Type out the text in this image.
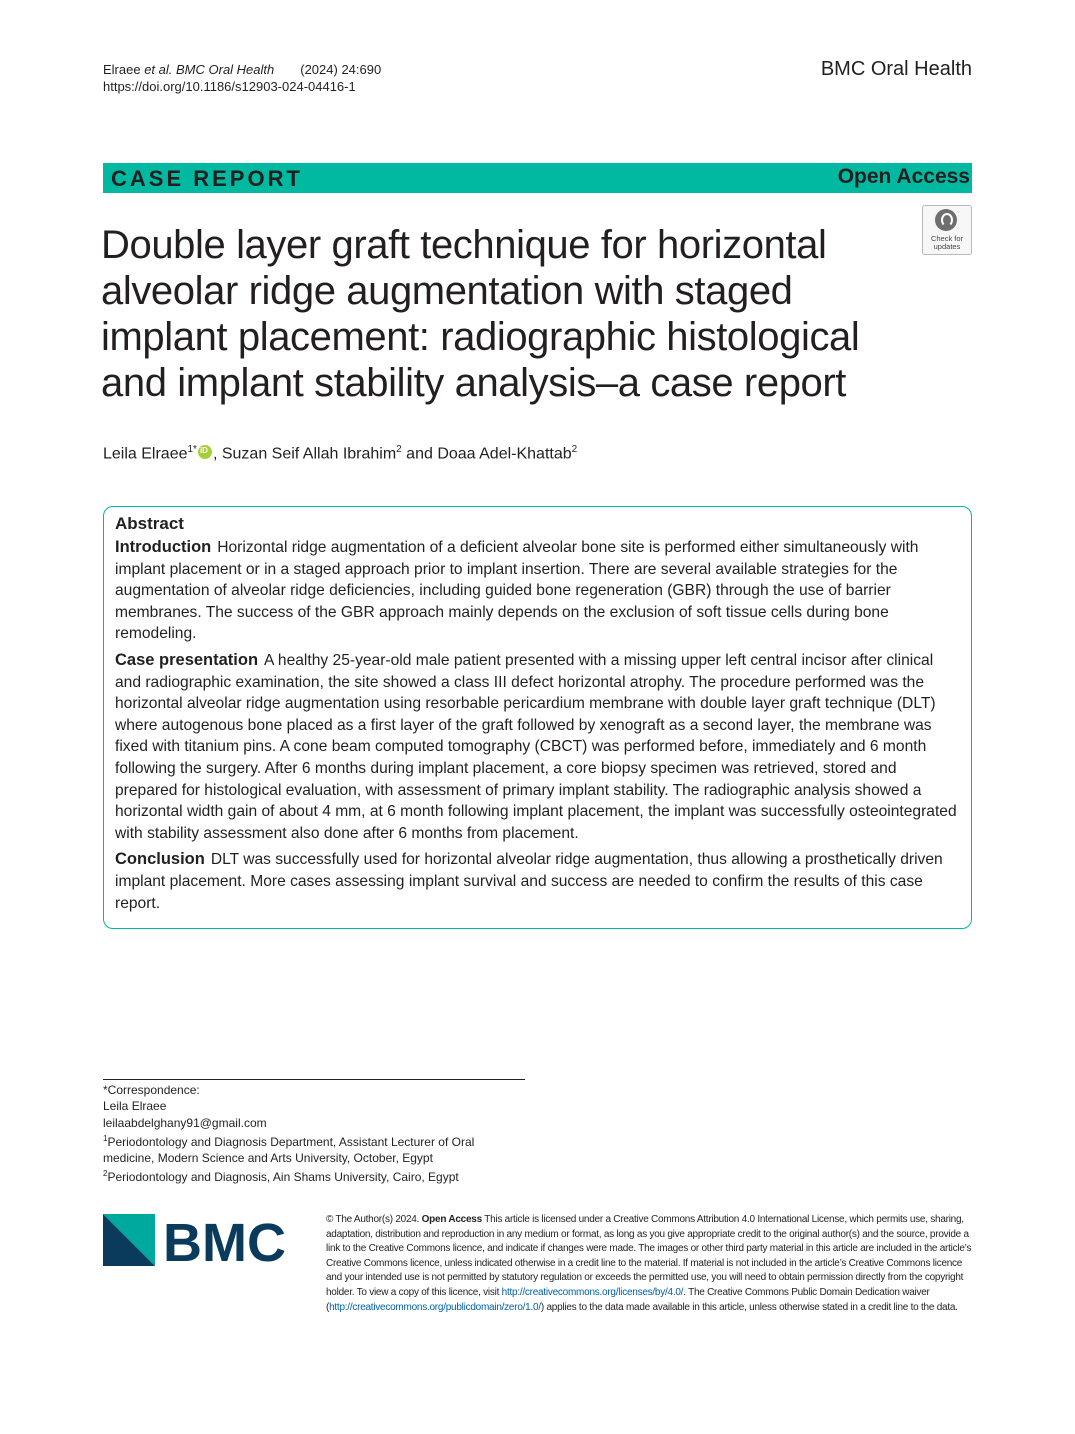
Elraee et al. BMC Oral Health (2024) 24:690
https://doi.org/10.1186/s12903-024-04416-1
BMC Oral Health
CASE REPORT	Open Access
Check for
updates
Double layer graft technique for horizontal alveolar ridge augmentation with staged implant placement: radiographic histological and implant stability analysis–a case report
Leila Elraee$^{1*}$iD , Suzan Seif Allah Ibrahim$^2$ and Doaa Adel-Khattab$^2$
Abstract
Introduction Horizontal ridge augmentation of a deficient alveolar bone site is performed either simultaneously with implant placement or in a staged approach prior to implant insertion. There are several available strategies for the augmentation of alveolar ridge deficiencies, including guided bone regeneration (GBR) through the use of barrier membranes. The success of the GBR approach mainly depends on the exclusion of soft tissue cells during bone remodeling.
Case presentation A healthy 25-year-old male patient presented with a missing upper left central incisor after clinical and radiographic examination, the site showed a class III defect horizontal atrophy. The procedure performed was the horizontal alveolar ridge augmentation using resorbable pericardium membrane with double layer graft technique (DLT) where autogenous bone placed as a first layer of the graft followed by xenograft as a second layer, the membrane was fixed with titanium pins. A cone beam computed tomography (CBCT) was performed before, immediately and 6 month following the surgery. After 6 months during implant placement, a core biopsy specimen was retrieved, stored and prepared for histological evaluation, with assessment of primary implant stability. The radiographic analysis showed a horizontal width gain of about 4 mm, at 6 month following implant placement, the implant was successfully osteointegrated with stability assessment also done after 6 months from placement.
Conclusion DLT was successfully used for horizontal alveolar ridge augmentation, thus allowing a prosthetically driven implant placement. More cases assessing implant survival and success are needed to confirm the results of this case report.
*Correspondence:
Leila Elraee
leilaabdelghany91@gmail.com
$^1$Periodontology and Diagnosis Department, Assistant Lecturer of Oral
medicine, Modern Science and Arts University, October, Egypt
$^2$Periodontology and Diagnosis, Ain Shams University, Cairo, Egypt
BMC	© The Author(s) 2024. Open Access This article is licensed under a Creative Commons Attribution 4.0 International License, which permits use, sharing, adaptation, distribution and reproduction in any medium or format, as long as you give appropriate credit to the original author(s) and the source, provide a link to the Creative Commons licence, and indicate if changes were made. The images or other third party material in this article are included in the article’s Creative Commons licence, unless indicated otherwise in a credit line to the material. If material is not included in the article’s Creative Commons licence and your intended use is not permitted by statutory regulation or exceeds the permitted use, you will need to obtain permission directly from the copyright holder. To view a copy of this licence, visit http://creativecommons.org/licenses/by/4.0/. The Creative Commons Public Domain Dedication waiver (http://creativecommons.org/publicdomain/zero/1.0/) applies to the data made available in this article, unless otherwise stated in a credit line to the data.
